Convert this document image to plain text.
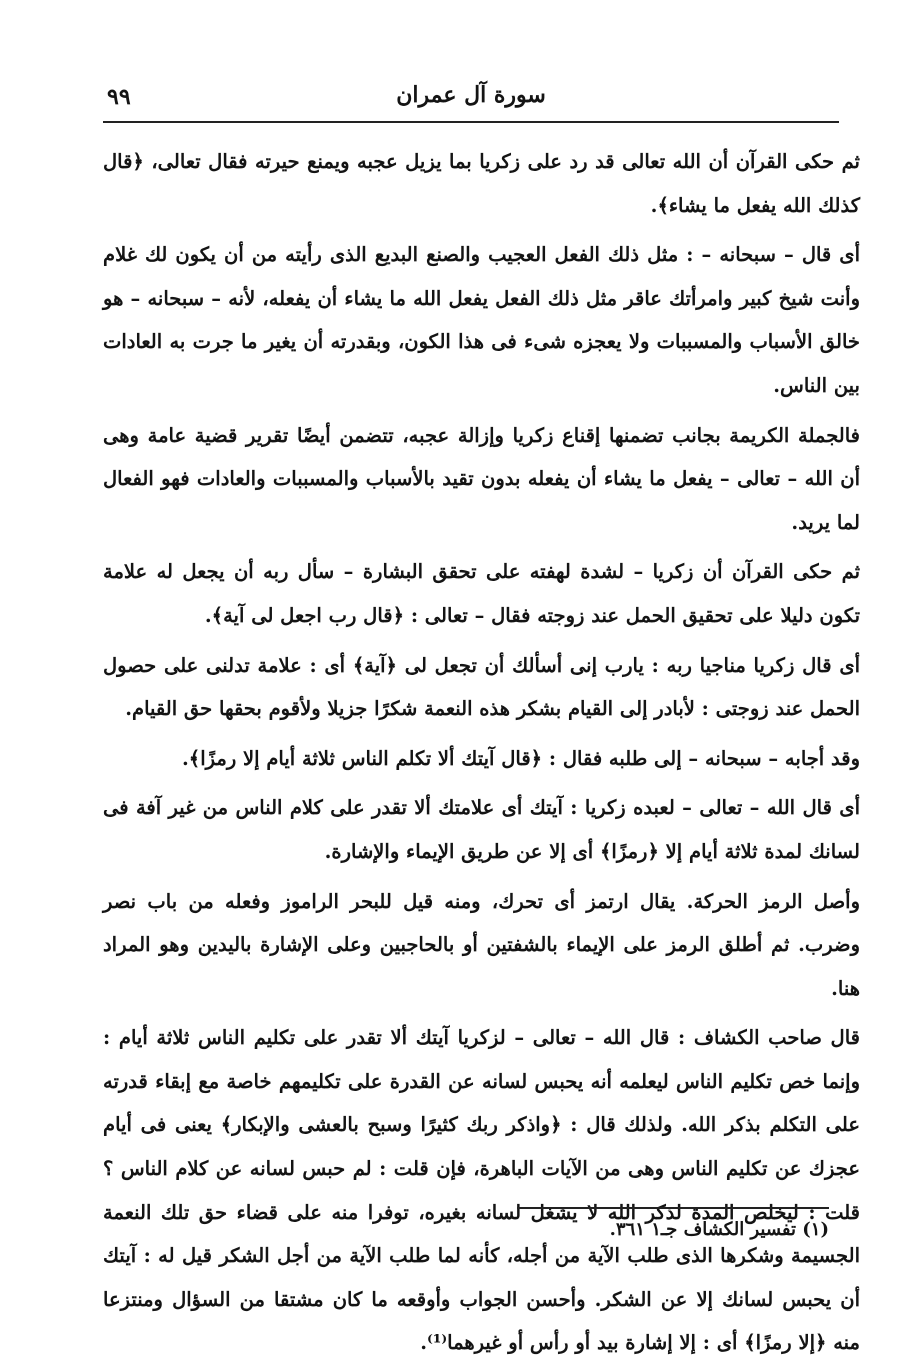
سورة آل عمران
٩٩

ثم حكى القرآن أن الله تعالى قد رد على زكريا بما يزيل عجبه ويمنع حيرته فقال تعالى، ﴿قال كذلك الله يفعل ما يشاء﴾.

أى قال – سبحانه – : مثل ذلك الفعل العجيب والصنع البديع الذى رأيته من أن يكون لك غلام وأنت شيخ كبير وامرأتك عاقر مثل ذلك الفعل يفعل الله ما يشاء أن يفعله، لأنه – سبحانه – هو خالق الأسباب والمسببات ولا يعجزه شىء فى هذا الكون، وبقدرته أن يغير ما جرت به العادات بين الناس.

فالجملة الكريمة بجانب تضمنها إقناع زكريا وإزالة عجبه، تتضمن أيضًا تقرير قضية عامة وهى أن الله – تعالى – يفعل ما يشاء أن يفعله بدون تقيد بالأسباب والمسببات والعادات فهو الفعال لما يريد.

ثم حكى القرآن أن زكريا – لشدة لهفته على تحقق البشارة – سأل ربه أن يجعل له علامة تكون دليلا على تحقيق الحمل عند زوجته فقال – تعالى : ﴿قال رب اجعل لى آية﴾.

أى قال زكريا مناجيا ربه : يارب إنى أسألك أن تجعل لى ﴿آية﴾ أى : علامة تدلنى على حصول الحمل عند زوجتى : لأبادر إلى القيام بشكر هذه النعمة شكرًا جزيلا ولأقوم بحقها حق القيام.

وقد أجابه – سبحانه – إلى طلبه فقال : ﴿قال آيتك ألا تكلم الناس ثلاثة أيام إلا رمزًا﴾.

أى قال الله – تعالى – لعبده زكريا : آيتك أى علامتك ألا تقدر على كلام الناس من غير آفة فى لسانك لمدة ثلاثة أيام إلا ﴿رمزًا﴾ أى إلا عن طريق الإيماء والإشارة.

وأصل الرمز الحركة. يقال ارتمز أى تحرك، ومنه قيل للبحر الراموز وفعله من باب نصر وضرب. ثم أطلق الرمز على الإيماء بالشفتين أو بالحاجبين وعلى الإشارة باليدين وهو المراد هنا.

قال صاحب الكشاف : قال الله – تعالى – لزكريا آيتك ألا تقدر على تكليم الناس ثلاثة أيام : وإنما خص تكليم الناس ليعلمه أنه يحبس لسانه عن القدرة على تكليمهم خاصة مع إبقاء قدرته على التكلم بذكر الله. ولذلك قال : ﴿واذكر ربك كثيرًا وسبح بالعشى والإبكار﴾ يعنى فى أيام عجزك عن تكليم الناس وهى من الآيات الباهرة، فإن قلت : لم حبس لسانه عن كلام الناس ؟ قلت : ليخلص المدة لذكر الله لا يشغل لسانه بغيره، توفرا منه على قضاء حق تلك النعمة الجسيمة وشكرها الذى طلب الآية من أجله، كأنه لما طلب الآية من أجل الشكر قيل له : آيتك أن يحبس لسانك إلا عن الشكر. وأحسن الجواب وأوقعه ما كان مشتقا من السؤال ومنتزعا منه ﴿إلا رمزًا﴾ أى : إلا إشارة بيد أو رأس أو غيرهما⁽¹⁾.

(١) تفسير الكشاف جـ١ ٣٦١.
